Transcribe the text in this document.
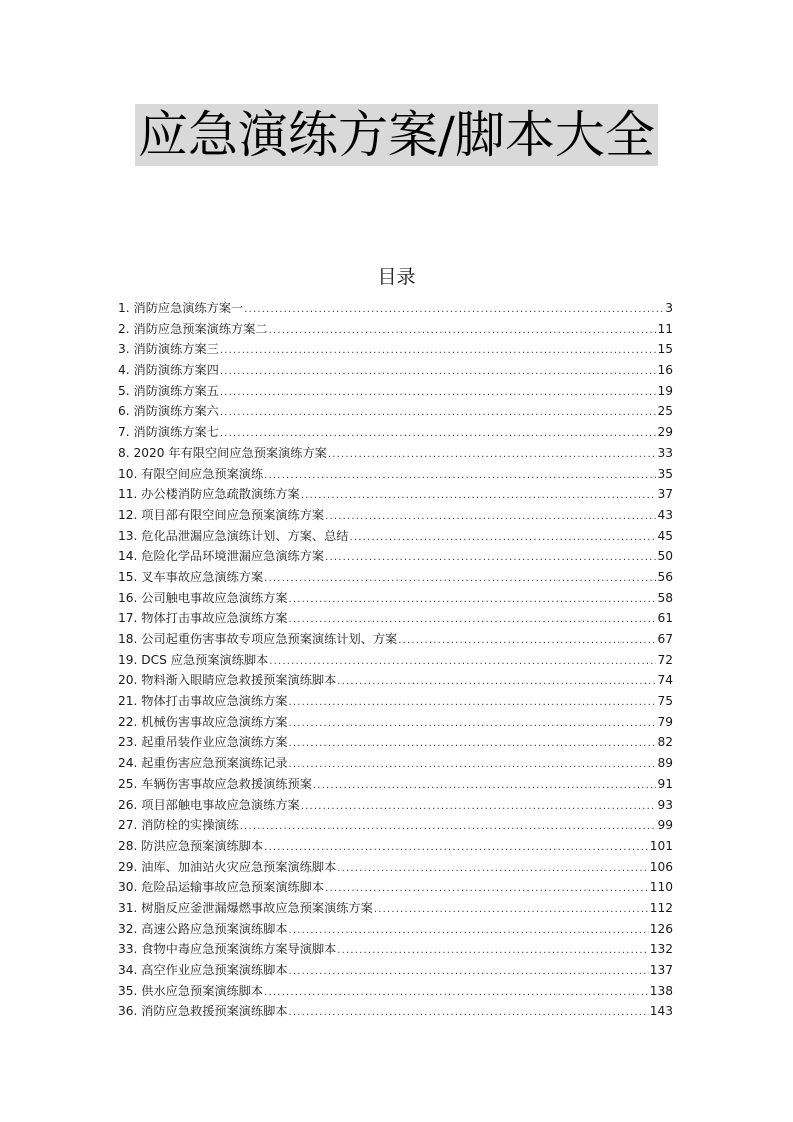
应急演练方案/脚本大全
目录
1. 消防应急演练方案一 .....	3
2. 消防应急预案演练方案二 .....	11
3. 消防演练方案三 .....	15
4. 消防演练方案四 .....	16
5. 消防演练方案五 .....	19
6. 消防演练方案六 .....	25
7. 消防演练方案七 .....	29
8. 2020 年有限空间应急预案演练方案 .....	33
10. 有限空间应急预案演练 .....	35
11. 办公楼消防应急疏散演练方案 .....	37
12. 项目部有限空间应急预案演练方案 .....	43
13. 危化品泄漏应急演练计划、方案、总结 .....	45
14. 危险化学品环境泄漏应急演练方案 .....	50
15. 叉车事故应急演练方案 .....	56
16. 公司触电事故应急演练方案 .....	58
17. 物体打击事故应急演练方案 .....	61
18. 公司起重伤害事故专项应急预案演练计划、方案 .....	67
19. DCS 应急预案演练脚本 .....	72
20. 物料渐入眼睛应急救援预案演练脚本 .....	74
21. 物体打击事故应急演练方案 .....	75
22. 机械伤害事故应急演练方案 .....	79
23. 起重吊装作业应急演练方案 .....	82
24. 起重伤害应急预案演练记录 .....	89
25. 车辆伤害事故应急救援演练预案 .....	91
26. 项目部触电事故应急演练方案 .....	93
27. 消防栓的实操演练 .....	99
28. 防洪应急预案演练脚本 .....	101
29. 油库、加油站火灾应急预案演练脚本 .....	106
30. 危险品运输事故应急预案演练脚本 .....	110
31. 树脂反应釜泄漏爆燃事故应急预案演练方案 .....	112
32. 高速公路应急预案演练脚本 .....	126
33. 食物中毒应急预案演练方案导演脚本 .....	132
34. 高空作业应急预案演练脚本 .....	137
35. 供水应急预案演练脚本 .....	138
36. 消防应急救援预案演练脚本 .....	143
